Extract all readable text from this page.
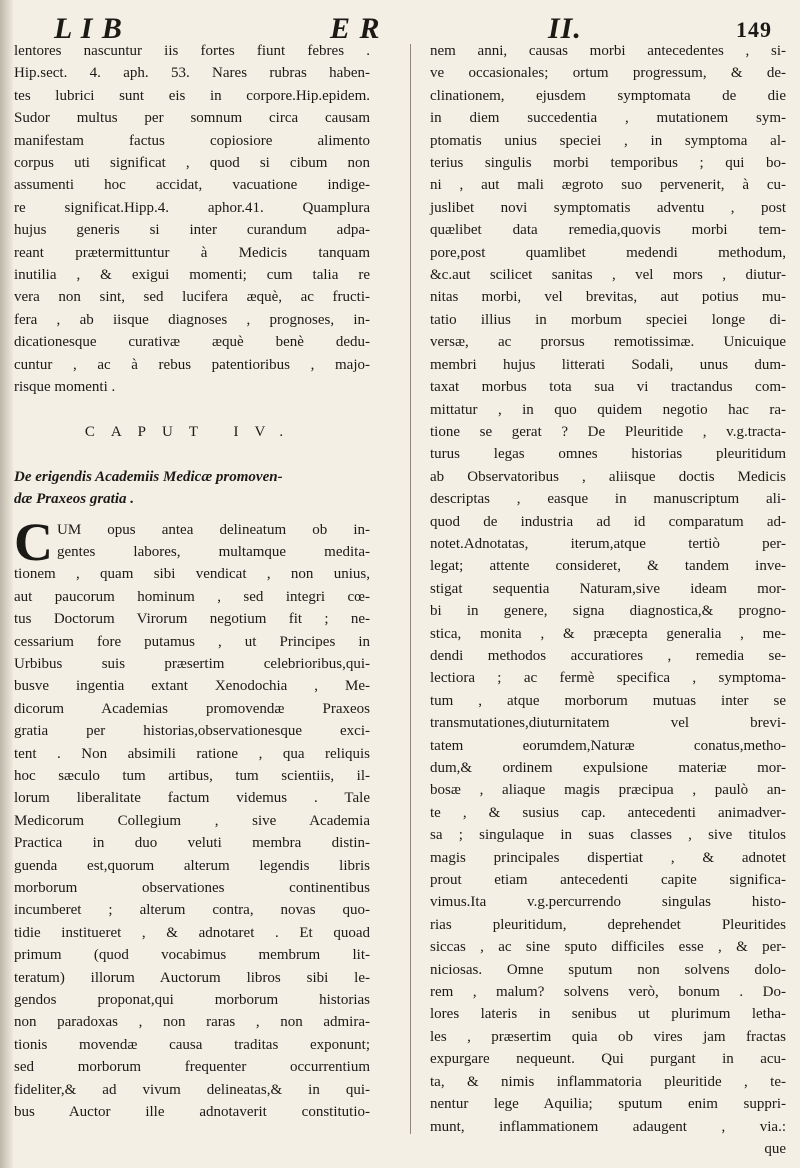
L I B	E R	II.	149
lentores nascuntur iis fortes fiunt febres .
Hip.sect. 4. aph. 53. Nares rubras haben-
tes lubrici sunt eis in corpore.Hip.epidem.
Sudor multus per somnum circa causam
manifestam factus copiosiore alimento
corpus uti significat , quod si cibum non
assumenti hoc accidat, vacuatione indige-
re significat.Hipp.4. aphor.41. Quamplura
hujus generis si inter curandum adpa-
reant prætermittuntur à Medicis tanquam
inutilia , & exigui momenti; cum talia re
vera non sint, sed lucifera æquè, ac fructi-
fera , ab iisque diagnoses , prognoses, in-
dicationesque curativæ æquè benè dedu-
cuntur , ac à rebus patentioribus , majo-
risque momenti .
CAPUT IV.
De erigendis Academiis Medicæ promoven-
dæ Praxeos gratia .
C UM opus antea delineatum ob in-
gentes labores, multamque medita-
tionem , quam sibi vendicat , non unius,
aut paucorum hominum , sed integri cœ-
tus Doctorum Virorum negotium fit ; ne-
cessarium fore putamus , ut Principes in
Urbibus suis præsertim celebrioribus,qui-
busve ingentia extant Xenodochia , Me-
dicorum Academias promovendæ Praxeos
gratia per historias,observationesque exci-
tent . Non absimili ratione , qua reliquis
hoc sæculo tum artibus, tum scientiis, il-
lorum liberalitate factum videmus . Tale
Medicorum Collegium , sive Academia
Practica in duo veluti membra distin-
guenda est,quorum alterum legendis libris
morborum observationes continentibus
incumberet ; alterum contra, novas quo-
tidie institueret , & adnotaret . Et quoad
primum (quod vocabimus membrum lit-
teratum) illorum Auctorum libros sibi le-
gendos proponat,qui morborum historias
non paradoxas , non raras , non admira-
tionis movendæ causa traditas exponunt;
sed morborum frequenter occurrentium
fideliter,& ad vivum delineatas,& in qui-
bus Auctor ille adnotaverit constitutio-
nem anni, causas morbi antecedentes , si-
ve occasionales; ortum progressum, & de-
clinationem, ejusdem symptomata de die
in diem succedentia , mutationem sym-
ptomatis unius speciei , in symptoma al-
terius singulis morbi temporibus ; qui bo-
ni , aut mali ægroto suo pervenerit, à cu-
juslibet novi symptomatis adventu , post
quælibet data remedia,quovis morbi tem-
pore,post quamlibet medendi methodum,
&c.aut scilicet sanitas , vel mors , diutur-
nitas morbi, vel brevitas, aut potius mu-
tatio illius in morbum speciei longe di-
versæ, ac prorsus remotissimæ. Unicuique
membri hujus litterati Sodali, unus dum-
taxat morbus tota sua vi tractandus com-
mittatur , in quo quidem negotio hac ra-
tione se gerat ? De Pleuritide , v.g.tracta-
turus legas omnes historias pleuritidum
ab Observatoribus , aliisque doctis Medicis
descriptas , easque in manuscriptum ali-
quod de industria ad id comparatum ad-
notet.Adnotatas, iterum,atque tertiò per-
legat; attente consideret, & tandem inve-
stigat sequentia Naturam,sive ideam mor-
bi in genere, signa diagnostica,& progno-
stica, monita , & præcepta generalia , me-
dendi methodos accuratiores , remedia se-
lectiora ; ac fermè specifica , symptoma-
tum , atque morborum mutuas inter se
transmutationes,diuturnitatem vel brevi-
tatem eorumdem,Naturæ conatus,metho-
dum,& ordinem expulsione materiæ mor-
bosæ , aliaque magis præcipua , paulò an-
te , & susius cap. antecedenti animadver-
sa ; singulaque in suas classes , sive titulos
magis principales dispertiat , & adnotet
prout etiam antecedenti capite significa-
vimus.Ita v.g.percurrendo singulas histo-
rias pleuritidum, deprehendet Pleuritides
siccas , ac sine sputo difficiles esse , & per-
niciosas. Omne sputum non solvens dolo-
rem , malum? solvens verò, bonum . Do-
lores lateris in senibus ut plurimum letha-
les , præsertim quia ob vires jam fractas
expurgare nequeunt. Qui purgant in acu-
ta, & nimis inflammatoria pleuritide , te-
nentur lege Aquilia; sputum enim suppri-
munt, inflammationem adaugent , via.:
que
